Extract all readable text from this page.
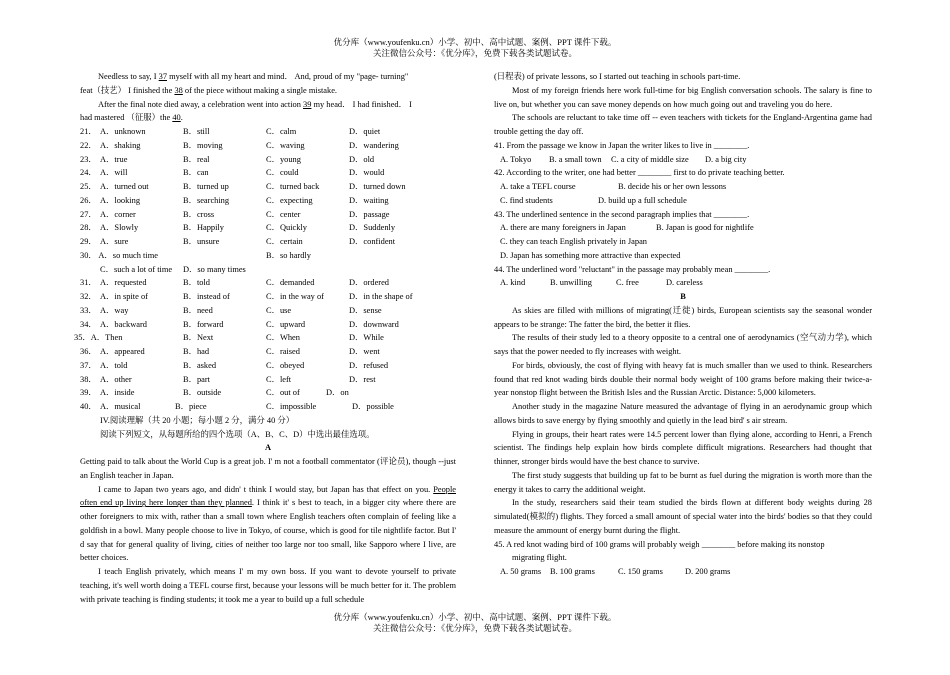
优分库（www.youfenku.cn）小学、初中、高中试题、案例、PPT 课件下载。
关注微信公众号：《优分库》，免费下载各类试题试卷。

Needless to say, I 37 myself with all my heart and mind． And, proud of my "page- turning"

feat（技艺） I finished the 38 of the piece without making a single mistake.

After the final note died away, a celebration went into action 39 my head． I had finished． I

had mastered （征服）the 40.

21． A．unknown	B．still	C．calm	D．quiet
22． A．shaking	B．moving	C．waving	D．wandering
23． A．true	B．real	C．young	D．old
24． A．will	B．can	C．could	D．would
25． A．turned out	B．turned up	C．turned back	D．turned down
26． A．looking	B．searching	C．expecting	D．waiting
27． A．corner	B．cross	C．center	D．passage
28． A．Slowly	B．Happily	C．Quickly	D．Suddenly
29． A．sure	B．unsure	C．certain	D．confident
30． A．so much time	B．so hardly
C．such a lot of time	D．so many times
31． A．requested	B．told	C．demanded	D．ordered
32． A．in spite of	B．instead of	C．in the way of	D．in the shape of
33． A．way	B．need	C．use	D．sense
34． A．backward	B．forward	C．upward	D．downward
35．A．Then	B．Next	C．When	D．While
36． A．appeared	B．had	C．raised	D．went
37． A．told	B．asked	C．obeyed	D．refused
38． A．other	B．part	C．left	D．rest
39． A．inside	B．outside	C．out of	D．on
40． A．musical	B．piece	C．impossible	D．possible

IV.阅读理解（共 20 小题；每小题 2 分，满分 40 分）

阅读下列短文，从每题所给的四个选项（A、B、C、D）中选出最佳选项。

A

Getting paid to talk about the World Cup is a great job. I' m not a football commentator (评论员), though --just an English teacher in Japan.

I came to Japan two years ago, and didn' t think I would stay, but Japan has that effect on you. People often end up living here longer than they planned. I think it' s best to teach, in a bigger city where there are other foreigners to mix with, rather than a small town where English teachers often complain of feeling like a goldfish in a bowl. Many people choose to live in Tokyo, of course, which is good for tile nightlife factor. But I' d say that for general quality of living, cities of neither too large nor too small, like Sapporo where I live, are better choices.

I teach English privately, which means I' m my own boss. If you want to devote yourself to private teaching, it's well worth doing a TEFL course first, because your lessons will be much better for it. The problem with private teaching is finding students; it took me a year to build up a full schedule

(日程表) of private lessons, so I started out teaching in schools part-time.

Most of my foreign friends here work full-time for big English conversation schools. The salary is fine to live on, but whether you can save money depends on how much going out and traveling you do here.

The schools are reluctant to take time off -- even teachers with tickets for the England-Argentina game had trouble getting the day off.

41. From the passage we know in Japan the writer likes to live in ________.

A. Tokyo	B. a small town	C. a city of middle size	D. a big city

42. According to the writer, one had better ________ first to do private teaching better.

A. take a TEFL course	B. decide his or her own lessons
C. find students	D. build up a full schedule

43. The underlined sentence in the second paragraph implies that ________.

A. there are many foreigners in Japan	B. Japan is good for nightlife
C. they can teach English privately in Japan
D. Japan has something more attractive than expected

44. The underlined word "reluctant" in the passage may probably mean ________.

A. kind	B. unwilling	C. free	D. careless

B

As skies are filled with millions of migrating(迁徙) birds, European scientists say the seasonal wonder appears to be strange: The fatter the bird, the better it flies.

The results of their study led to a theory opposite to a central one of aerodynamics (空气动力学), which says that the power needed to fly increases with weight.

For birds, obviously, the cost of flying with heavy fat is much smaller than we used to think. Researchers found that red knot wading birds double their normal body weight of 100 grams before making their twice-a-year nonstop flight between the British Isles and the Russian Arctic. Distance: 5,000 kilometers.

Another study in the magazine Nature measured the advantage of flying in an aerodynamic group which allows birds to save energy by flying smoothly and quietly in the lead bird' s air stream.

Flying in groups, their heart rates were 14.5 percent lower than flying alone, according to Henri, a French scientist. The findings help explain how birds complete difficult migrations. Researchers had thought that thinner, stronger birds would have the best chance to survive.

The first study suggests that building up fat to be burnt as fuel during the migration is worth more than the energy it takes to carry the additional weight.

In the study, researchers said their team studied the birds flown at different body weights during 28 simulated(模拟的) flights. They forced a small amount of special water into the birds' bodies so that they could measure the ammount of energy burnt during the flight.

45. A red knot wading bird of 100 grams will probably weigh ________ before making its nonstop

migrating flight.

A. 50 grams	B. 100 grams	C. 150 grams	D. 200 grams
优分库（www.youfenku.cn）小学、初中、高中试题、案例、PPT 课件下载。
关注微信公众号：《优分库》，免费下载各类试题试卷。
